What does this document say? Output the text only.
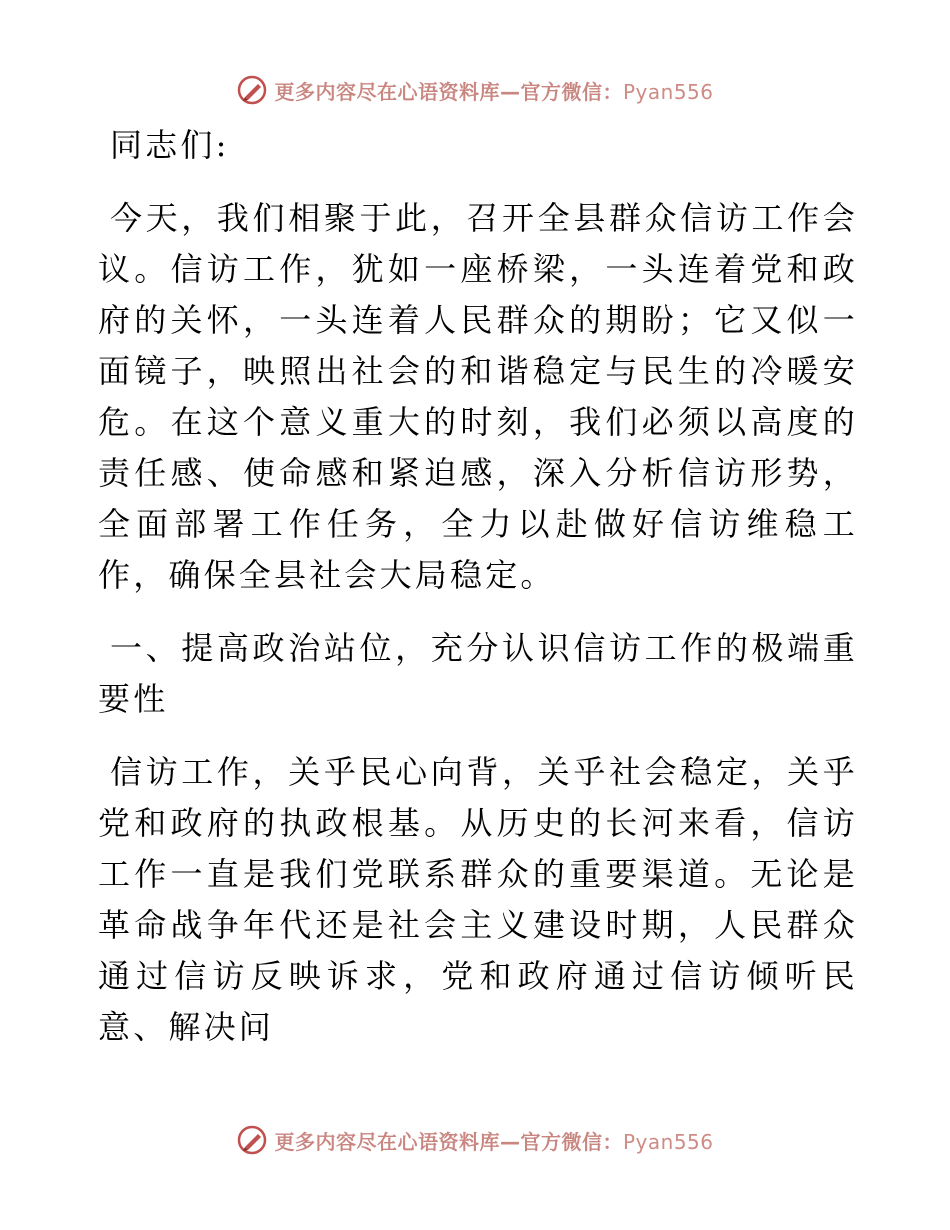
更多内容尽在心语资料库—官方微信：Pyan556

同志们:

今天，我们相聚于此，召开全县群众信访工作会议。信访工作，犹如一座桥梁，一头连着党和政府的关怀，一头连着人民群众的期盼；它又似一面镜子，映照出社会的和谐稳定与民生的冷暖安危。在这个意义重大的时刻，我们必须以高度的责任感、使命感和紧迫感，深入分析信访形势，全面部署工作任务，全力以赴做好信访维稳工作，确保全县社会大局稳定。

一、提高政治站位，充分认识信访工作的极端重要性

信访工作，关乎民心向背，关乎社会稳定，关乎党和政府的执政根基。从历史的长河来看，信访工作一直是我们党联系群众的重要渠道。无论是革命战争年代还是社会主义建设时期，人民群众通过信访反映诉求，党和政府通过信访倾听民意、解决问

更多内容尽在心语资料库—官方微信：Pyan556
